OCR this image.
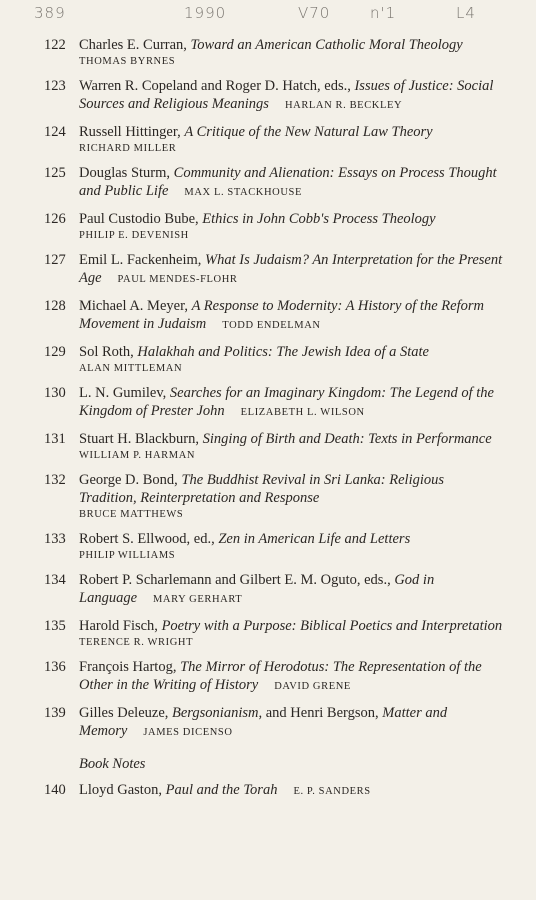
389	1990	V70	n'1	L4
122 Charles E. Curran, Toward an American Catholic Moral Theology
THOMAS BYRNES
123 Warren R. Copeland and Roger D. Hatch, eds., Issues of Justice: Social Sources and Religious Meanings HARLAN R. BECKLEY
124 Russell Hittinger, A Critique of the New Natural Law Theory
RICHARD MILLER
125 Douglas Sturm, Community and Alienation: Essays on Process Thought and Public Life MAX L. STACKHOUSE
126 Paul Custodio Bube, Ethics in John Cobb's Process Theology
PHILIP E. DEVENISH
127 Emil L. Fackenheim, What Is Judaism? An Interpretation for the Present Age PAUL MENDES-FLOHR
128 Michael A. Meyer, A Response to Modernity: A History of the Reform Movement in Judaism TODD ENDELMAN
129 Sol Roth, Halakhah and Politics: The Jewish Idea of a State
ALAN MITTLEMAN
130 L. N. Gumilev, Searches for an Imaginary Kingdom: The Legend of the Kingdom of Prester John ELIZABETH L. WILSON
131 Stuart H. Blackburn, Singing of Birth and Death: Texts in Performance
WILLIAM P. HARMAN
132 George D. Bond, The Buddhist Revival in Sri Lanka: Religious Tradition, Reinterpretation and Response
BRUCE MATTHEWS
133 Robert S. Ellwood, ed., Zen in American Life and Letters
PHILIP WILLIAMS
134 Robert P. Scharlemann and Gilbert E. M. Oguto, eds., God in Language MARY GERHART
135 Harold Fisch, Poetry with a Purpose: Biblical Poetics and Interpretation
TERENCE R. WRIGHT
136 François Hartog, The Mirror of Herodotus: The Representation of the Other in the Writing of History DAVID GRENE
139 Gilles Deleuze, Bergsonianism, and Henri Bergson, Matter and Memory JAMES DICENSO
Book Notes
140 Lloyd Gaston, Paul and the Torah E. P. SANDERS
